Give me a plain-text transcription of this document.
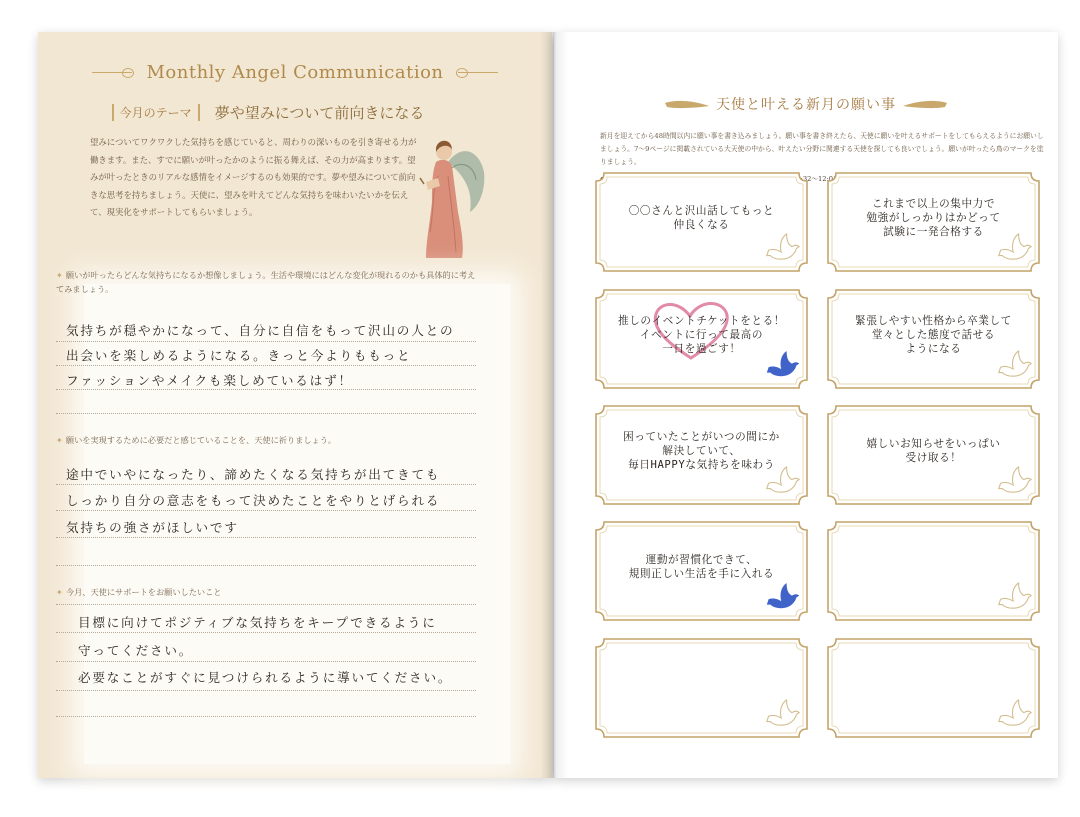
Monthly Angel Communication
今月のテーマ 夢や望みについて前向きになる

望みについてワクワクした気持ちを感じていると、周わりの深いものを引き寄せる力が働きます。また、すでに願いが叶ったかのように振る舞えば、その力が高まります。望みが叶ったときのリアルな感情をイメージするのも効果的です。夢や望みについて前向きな思考を持ちましょう。天使に、望みを叶えてどんな気持ちを味わいたいかを伝えて、現実化をサポートしてもらいましょう。

✦ 願いが叶ったらどんな気持ちになるか想像しましょう。生活や環境にはどんな変化が現れるのかも具体的に考えてみましょう。
気持ちが穏やかになって、自分に自信をもって沢山の人との
出会いを楽しめるようになる。きっと今よりももっと
ファッションやメイクも楽しめているはず！
✦ 願いを実現するために必要だと感じていることを、天使に祈りましょう。
途中でいやになったり、諦めたくなる気持ちが出てきても
しっかり自分の意志をもって決めたことをやりとげられる
気持ちの強さがほしいです
✦ 今月、天使にサポートをお願いしたいこと
目標に向けてポジティブな気持ちをキープできるように
守ってください。
必要なことがすぐに見つけられるように導いてください。
天使と叶える新月の願い事

新月を迎えてから48時間以内に願い事を書き込みましょう。願い事を書き終えたら、天使に願いを叶えるサポートをしてもらえるようにお願いしましょう。7〜9ページに掲載されている大天使の中から、叶えたい分野に関連する天使を探しても良いでしょう。願いが叶ったら鳥のマークを塗りましょう。

〇〇さんと沢山話してもっと
仲良くなる
これまで以上の集中力で
勉強がしっかりはかどって
試験に一発合格する
推しのイベントチケットをとる！
イベントに行って最高の
一日を過ごす！
緊張しやすい性格から卒業して
堂々とした態度で話せる
ようになる
困っていたことがいつの間にか
解決していて、
毎日HAPPYな気持ちを味わう
嬉しいお知らせをいっぱい
受け取る！
運動が習慣化できて、
規則正しい生活を手に入れる
